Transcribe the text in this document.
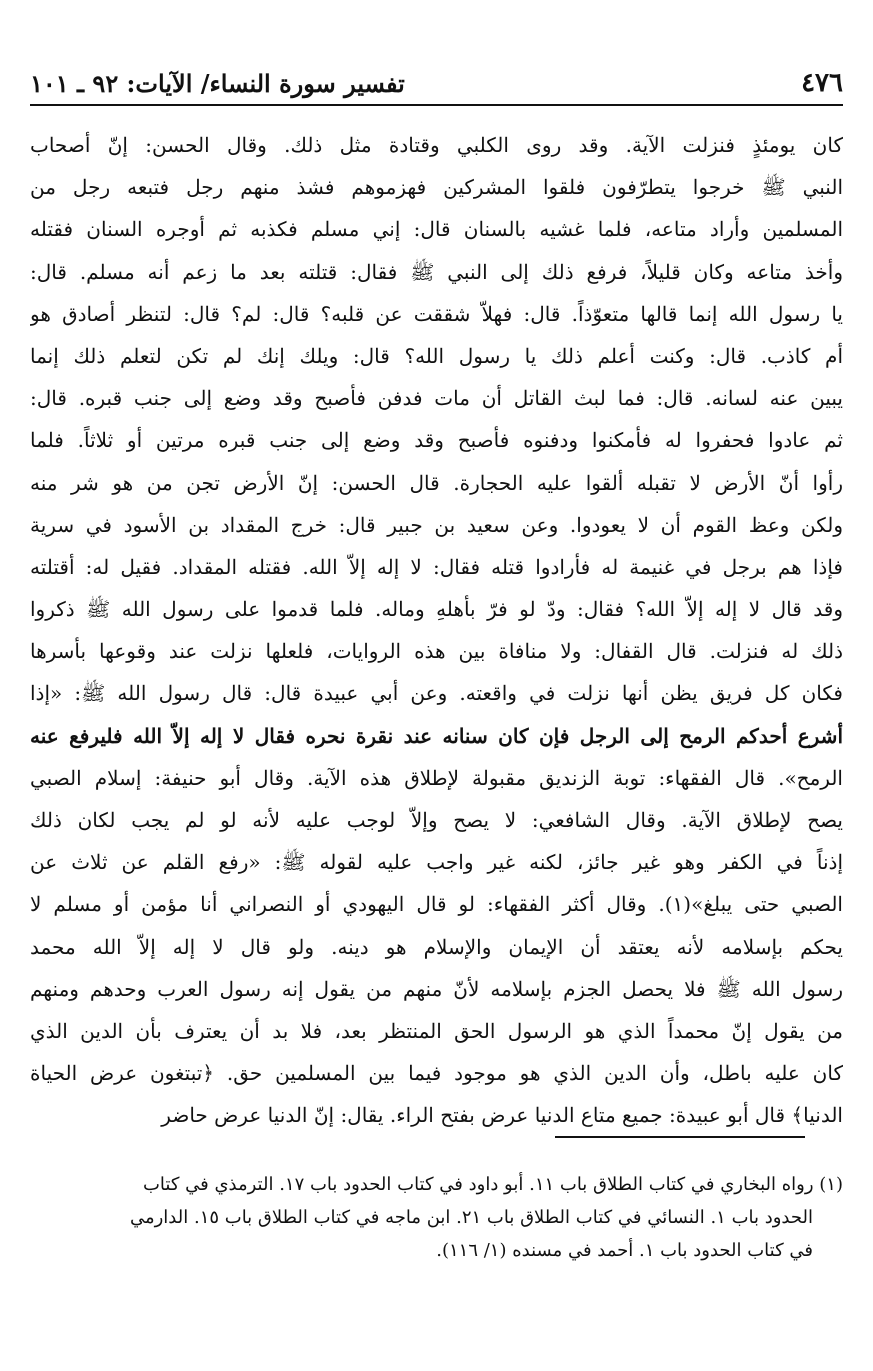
٤٧٦
تفسير سورة النساء/ الآيات: ٩٢ ـ ١٠١
كان يومئذٍ فنزلت الآية. وقد روى الكلبي وقتادة مثل ذلك. وقال الحسن: إنّ أصحاب
النبي ﷺ خرجوا يتطرّفون فلقوا المشركين فهزموهم فشذ منهم رجل فتبعه رجل من
المسلمين وأراد متاعه، فلما غشيه بالسنان قال: إني مسلم فكذبه ثم أوجره السنان فقتله
وأخذ متاعه وكان قليلاً، فرفع ذلك إلى النبي ﷺ فقال: قتلته بعد ما زعم أنه مسلم. قال:
يا رسول الله إنما قالها متعوّذاً. قال: فهلاّ شققت عن قلبه؟ قال: لم؟ قال: لتنظر أصادق هو
أم كاذب. قال: وكنت أعلم ذلك يا رسول الله؟ قال: ويلك إنك لم تكن لتعلم ذلك إنما
يبين عنه لسانه. قال: فما لبث القاتل أن مات فدفن فأصبح وقد وضع إلى جنب قبره. قال:
ثم عادوا فحفروا له فأمكنوا ودفنوه فأصبح وقد وضع إلى جنب قبره مرتين أو ثلاثاً. فلما
رأوا أنّ الأرض لا تقبله ألقوا عليه الحجارة. قال الحسن: إنّ الأرض تجن من هو شر منه
ولكن وعظ القوم أن لا يعودوا. وعن سعيد بن جبير قال: خرج المقداد بن الأسود في سرية
فإذا هم برجل في غنيمة له فأرادوا قتله فقال: لا إله إلاّ الله. فقتله المقداد. فقيل له: أقتلته
وقد قال لا إله إلاّ الله؟ فقال: ودّ لو فرّ بأهلهِ وماله. فلما قدموا على رسول الله ﷺ ذكروا
ذلك له فنزلت. قال القفال: ولا منافاة بين هذه الروايات، فلعلها نزلت عند وقوعها بأسرها
فكان كل فريق يظن أنها نزلت في واقعته. وعن أبي عبيدة قال: قال رسول الله ﷺ: «إذا
أشرع أحدكم الرمح إلى الرجل فإن كان سنانه عند نقرة نحره فقال لا إله إلاّ الله فليرفع عنه
الرمح». قال الفقهاء: توبة الزنديق مقبولة لإطلاق هذه الآية. وقال أبو حنيفة: إسلام الصبي
يصح لإطلاق الآية. وقال الشافعي: لا يصح وإلاّ لوجب عليه لأنه لو لم يجب لكان ذلك
إذناً في الكفر وهو غير جائز، لكنه غير واجب عليه لقوله ﷺ: «رفع القلم عن ثلاث عن
الصبي حتى يبلغ»(١). وقال أكثر الفقهاء: لو قال اليهودي أو النصراني أنا مؤمن أو مسلم لا
يحكم بإسلامه لأنه يعتقد أن الإيمان والإسلام هو دينه. ولو قال لا إله إلاّ الله محمد
رسول الله ﷺ فلا يحصل الجزم بإسلامه لأنّ منهم من يقول إنه رسول العرب وحدهم ومنهم
من يقول إنّ محمداً الذي هو الرسول الحق المنتظر بعد، فلا بد أن يعترف بأن الدين الذي
كان عليه باطل، وأن الدين الذي هو موجود فيما بين المسلمين حق. ﴿تبتغون عرض الحياة
الدنيا﴾ قال أبو عبيدة: جميع متاع الدنيا عرض بفتح الراء. يقال: إنّ الدنيا عرض حاضر
(١) رواه البخاري في كتاب الطلاق باب ١١. أبو داود في كتاب الحدود باب ١٧. الترمذي في كتاب
الحدود باب ١. النسائي في كتاب الطلاق باب ٢١. ابن ماجه في كتاب الطلاق باب ١٥. الدارمي
في كتاب الحدود باب ١. أحمد في مسنده (١/ ١١٦).
